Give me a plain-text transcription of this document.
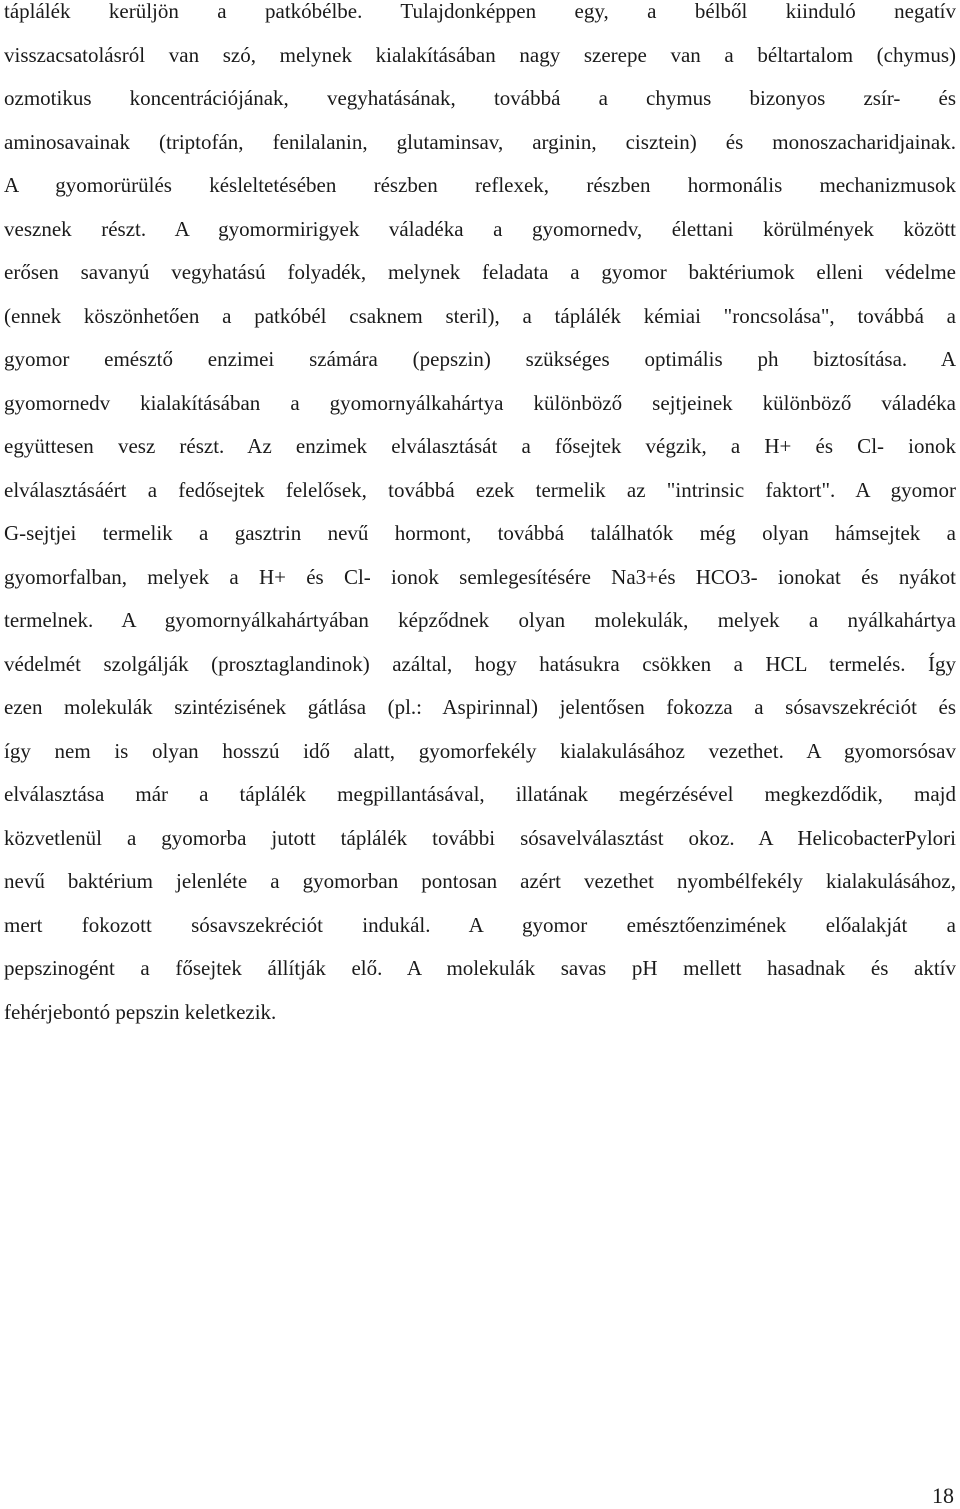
táplálék kerüljön a patkóbélbe. Tulajdonképpen egy, a bélből kiinduló negatív
visszacsatolásról van szó, melynek kialakításában nagy szerepe van a béltartalom (chymus)
ozmotikus koncentrációjának, vegyhatásának, továbbá a chymus bizonyos zsír- és
aminosavainak (triptofán, fenilalanin, glutaminsav, arginin, cisztein) és monoszacharidjainak.
A gyomorürülés késleltetésében részben reflexek, részben hormonális mechanizmusok
vesznek részt. A gyomormirigyek váladéka a gyomornedv, élettani körülmények között
erősen savanyú vegyhatású folyadék, melynek feladata a gyomor baktériumok elleni védelme
(ennek köszönhetően a patkóbél csaknem steril), a táplálék kémiai "roncsolása", továbbá a
gyomor emésztő enzimei számára (pepszin) szükséges optimális ph biztosítása. A
gyomornedv kialakításában a gyomornyálkahártya különböző sejtjeinek különböző váladéka
együttesen vesz részt. Az enzimek elválasztását a fősejtek végzik, a H+ és Cl- ionok
elválasztásáért a fedősejtek felelősek, továbbá ezek termelik az "intrinsic faktort". A gyomor
G-sejtjei termelik a gasztrin nevű hormont, továbbá találhatók még olyan hámsejtek a
gyomorfalban, melyek a H+ és Cl- ionok semlegesítésére Na3+és HCO3- ionokat és nyákot
termelnek. A gyomornyálkahártyában képződnek olyan molekulák, melyek a nyálkahártya
védelmét szolgálják (prosztaglandinok) azáltal, hogy hatásukra csökken a HCL termelés. Így
ezen molekulák szintézisének gátlása (pl.: Aspirinnal) jelentősen fokozza a sósavszekréciót és
így nem is olyan hosszú idő alatt, gyomorfekély kialakulásához vezethet. A gyomorsósav
elválasztása már a táplálék megpillantásával, illatának megérzésével megkezdődik, majd
közvetlenül a gyomorba jutott táplálék további sósavelválasztást okoz. A HelicobacterPylori
nevű baktérium jelenléte a gyomorban pontosan azért vezethet nyombélfekély kialakulásához,
mert fokozott sósavszekréciót indukál. A gyomor emésztőenzimének előalakját a
pepszinogént a fősejtek állítják elő. A molekulák savas pH mellett hasadnak és aktív
fehérjebontó pepszin keletkezik.
18
